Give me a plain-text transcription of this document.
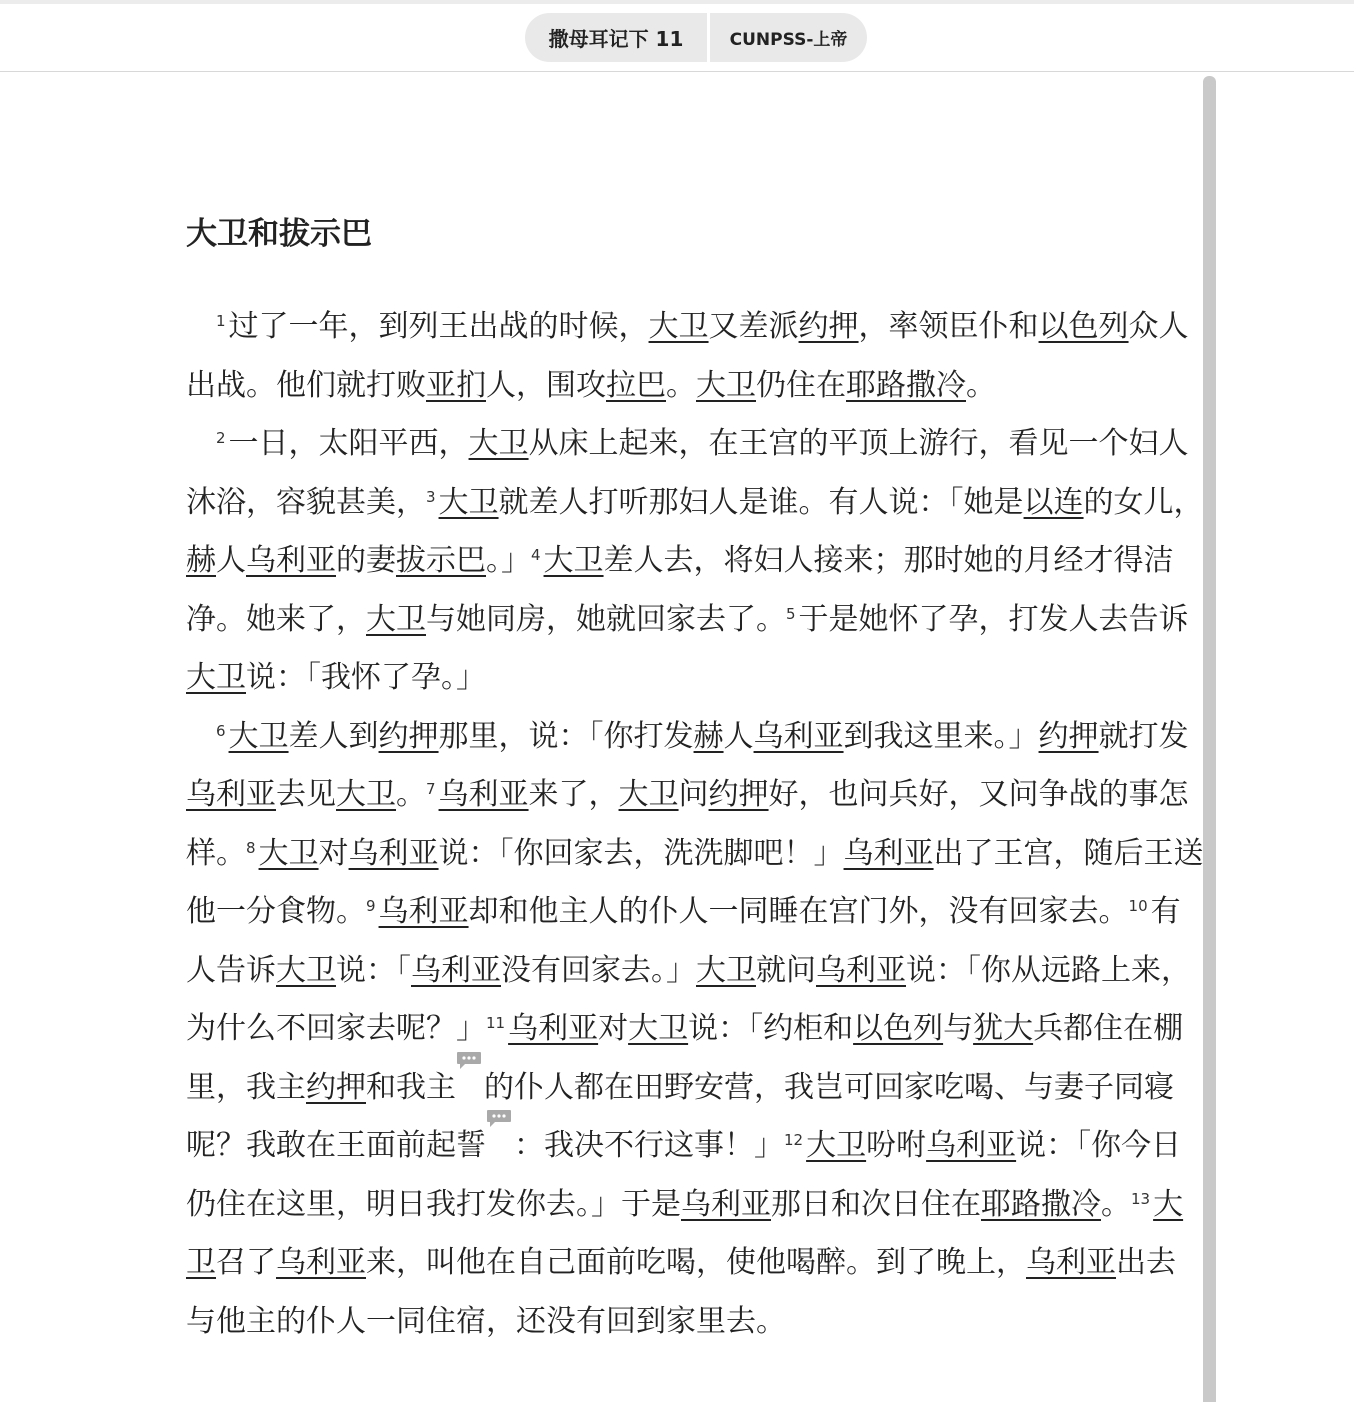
撒母耳记下 11	CUNPSS-上帝
大卫和拔示巴

$^1$ 过了一年，到列王出战的时候，大卫又差派约押，率领臣仆和以色列众人出战。他们就打败亚扪人，围攻拉巴。大卫仍住在耶路撒冷。

$^2$ 一日，太阳平西，大卫从床上起来，在王宫的平顶上游行，看见一个妇人沐浴，容貌甚美，$^3$ 大卫就差人打听那妇人是谁。有人说：「她是以连的女儿，赫人乌利亚的妻拔示巴。」$^4$ 大卫差人去，将妇人接来；那时她的月经才得洁净。她来了，大卫与她同房，她就回家去了。$^5$ 于是她怀了孕，打发人去告诉大卫说：「我怀了孕。」

$^6$ 大卫差人到约押那里，说：「你打发赫人乌利亚到我这里来。」约押就打发乌利亚去见大卫。$^7$ 乌利亚来了，大卫问约押好，也问兵好，又问争战的事怎样。$^8$ 大卫对乌利亚说：「你回家去，洗洗脚吧！」乌利亚出了王宫，随后王送他一分食物。$^9$ 乌利亚却和他主人的仆人一同睡在宫门外，没有回家去。$^{10}$ 有人告诉大卫说：「乌利亚没有回家去。」大卫就问乌利亚说：「你从远路上来，为什么不回家去呢？」$^{11}$ 乌利亚对大卫说：「约柜和以色列与犹大兵都住在棚里，我主约押和我主 的仆人都在田野安营，我岂可回家吃喝、与妻子同寝呢？我敢在王面前起誓 ：我决不行这事！」$^{12}$ 大卫吩咐乌利亚说：「你今日仍住在这里，明日我打发你去。」于是乌利亚那日和次日住在耶路撒冷。$^{13}$ 大卫召了乌利亚来，叫他在自己面前吃喝，使他喝醉。到了晚上，乌利亚出去与他主的仆人一同住宿，还没有回到家里去。
